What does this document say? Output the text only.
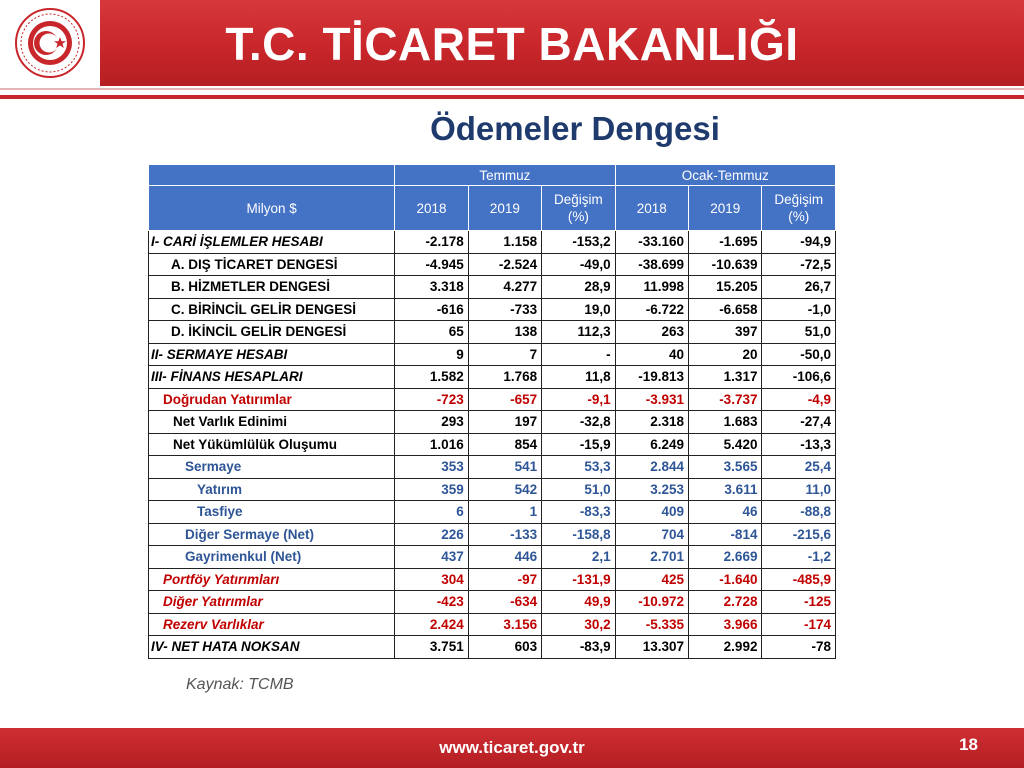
T.C. TİCARET BAKANLIĞI
Ödemeler Dengesi
	Temmuz			Ocak-Temmuz		
Milyon $	2018	2019	Değişim (%)	2018	2019	Değişim (%)
I- CARİ İŞLEMLER HESABI	-2.178	1.158	-153,2	-33.160	-1.695	-94,9
A. DIŞ TİCARET DENGESİ	-4.945	-2.524	-49,0	-38.699	-10.639	-72,5
B. HİZMETLER DENGESİ	3.318	4.277	28,9	11.998	15.205	26,7
C. BİRİNCİL GELİR DENGESİ	-616	-733	19,0	-6.722	-6.658	-1,0
D. İKİNCİL GELİR DENGESİ	65	138	112,3	263	397	51,0
II- SERMAYE HESABI	9	7	-	40	20	-50,0
III- FİNANS HESAPLARI	1.582	1.768	11,8	-19.813	1.317	-106,6
Doğrudan Yatırımlar	-723	-657	-9,1	-3.931	-3.737	-4,9
Net Varlık Edinimi	293	197	-32,8	2.318	1.683	-27,4
Net Yükümlülük Oluşumu	1.016	854	-15,9	6.249	5.420	-13,3
Sermaye	353	541	53,3	2.844	3.565	25,4
Yatırım	359	542	51,0	3.253	3.611	11,0
Tasfiye	6	1	-83,3	409	46	-88,8
Diğer Sermaye (Net)	226	-133	-158,8	704	-814	-215,6
Gayrimenkul (Net)	437	446	2,1	2.701	2.669	-1,2
Portföy Yatırımları	304	-97	-131,9	425	-1.640	-485,9
Diğer Yatırımlar	-423	-634	49,9	-10.972	2.728	-125
Rezerv Varlıklar	2.424	3.156	30,2	-5.335	3.966	-174
IV- NET HATA NOKSAN	3.751	603	-83,9	13.307	2.992	-78
Kaynak: TCMB
www.ticaret.gov.tr	18
